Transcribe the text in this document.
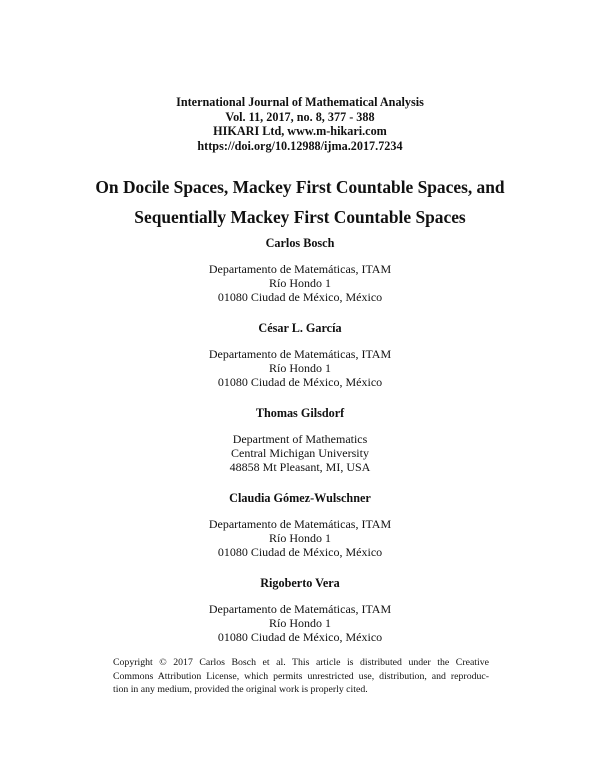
International Journal of Mathematical Analysis
Vol. 11, 2017, no. 8, 377 - 388
HIKARI Ltd, www.m-hikari.com
https://doi.org/10.12988/ijma.2017.7234
On Docile Spaces, Mackey First Countable Spaces, and
Sequentially Mackey First Countable Spaces
Carlos Bosch
Departamento de Matemáticas, ITAM
Río Hondo 1
01080 Ciudad de México, México
César L. García
Departamento de Matemáticas, ITAM
Río Hondo 1
01080 Ciudad de México, México
Thomas Gilsdorf
Department of Mathematics
Central Michigan University
48858 Mt Pleasant, MI, USA
Claudia Gómez-Wulschner
Departamento de Matemáticas, ITAM
Río Hondo 1
01080 Ciudad de México, México
Rigoberto Vera
Departamento de Matemáticas, ITAM
Río Hondo 1
01080 Ciudad de México, México
Copyright © 2017 Carlos Bosch et al. This article is distributed under the Creative
Commons Attribution License, which permits unrestricted use, distribution, and reproduc-
tion in any medium, provided the original work is properly cited.
